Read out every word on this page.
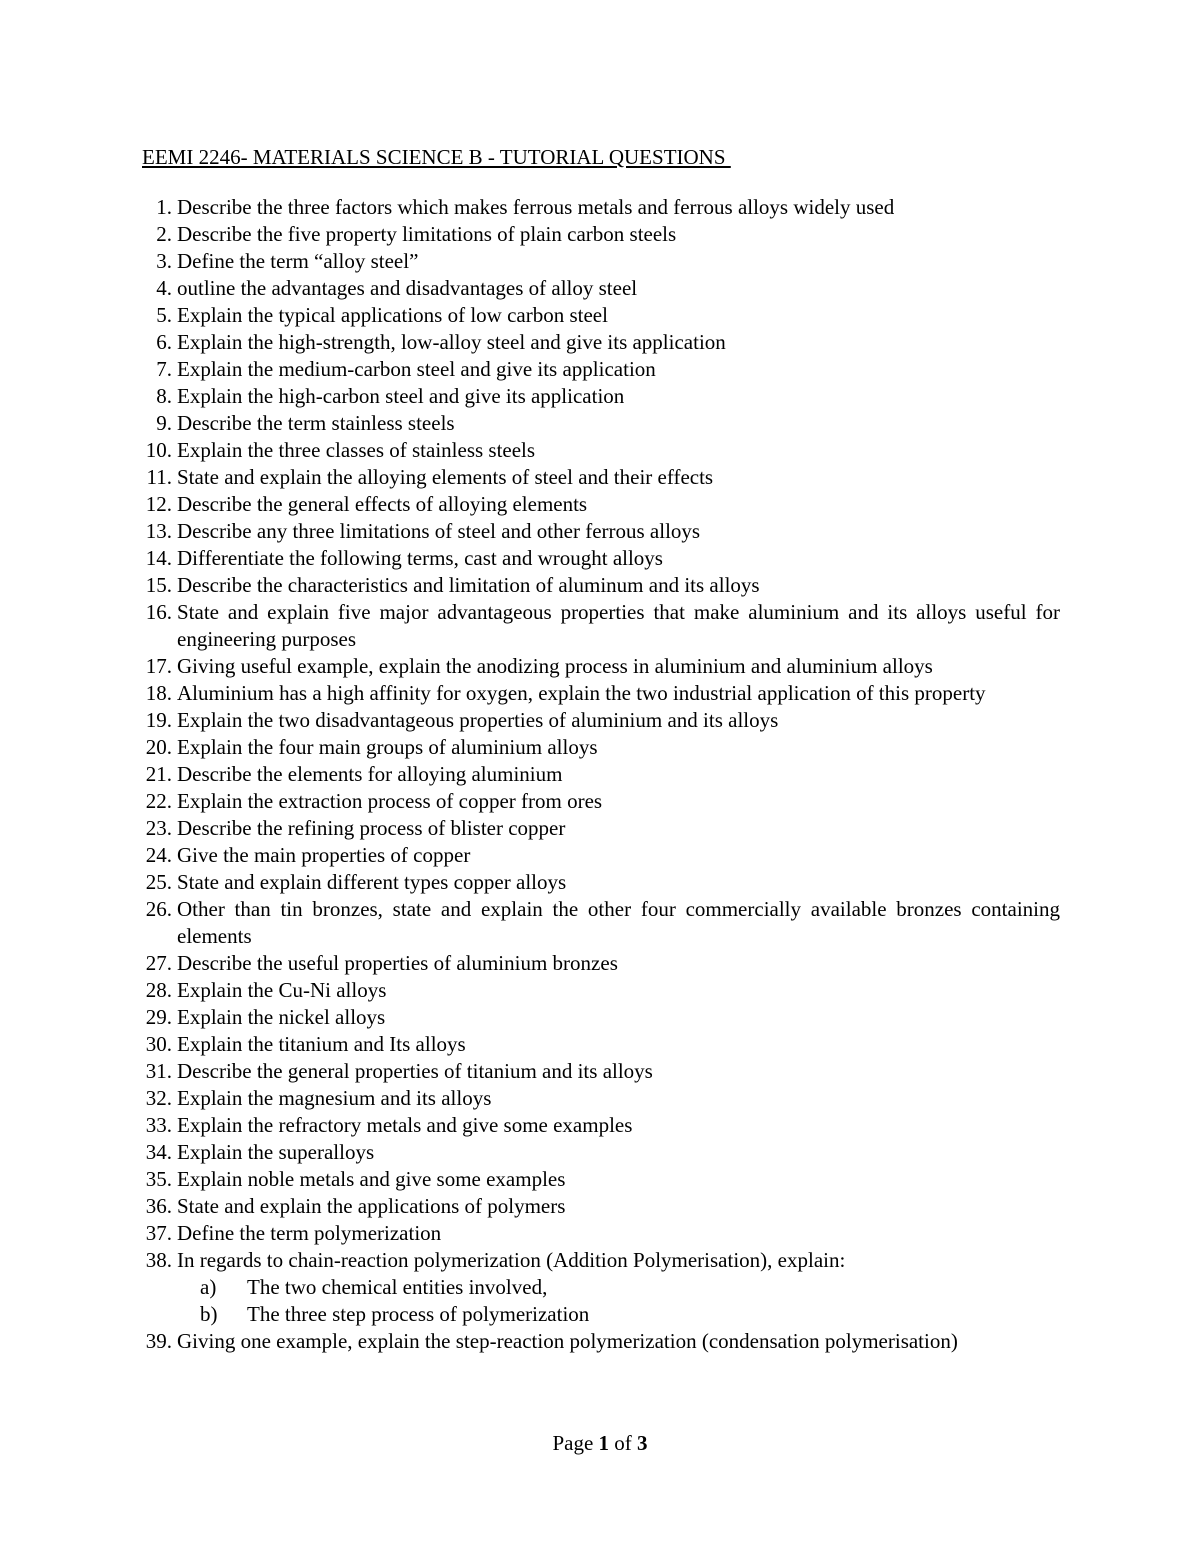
EEMI 2246- MATERIALS SCIENCE B - TUTORIAL QUESTIONS
1. Describe the three factors which makes ferrous metals and ferrous alloys widely used
2. Describe the five property limitations of plain carbon steels
3. Define the term “alloy steel”
4. outline the advantages and disadvantages of alloy steel
5. Explain the typical applications of low carbon steel
6. Explain the high-strength, low-alloy steel and give its application
7. Explain the medium-carbon steel and give its application
8. Explain the high-carbon steel and give its application
9. Describe the term stainless steels
10. Explain the three classes of stainless steels
11. State and explain the alloying elements of steel and their effects
12. Describe the general effects of alloying elements
13. Describe any three limitations of steel and other ferrous alloys
14. Differentiate the following terms, cast and wrought alloys
15. Describe the characteristics and limitation of aluminum and its alloys
16. State and explain five major advantageous properties that make aluminium and its alloys useful for engineering purposes
17. Giving useful example, explain the anodizing process in aluminium and aluminium alloys
18. Aluminium has a high affinity for oxygen, explain the two industrial application of this property
19. Explain the two disadvantageous properties of aluminium and its alloys
20. Explain the four main groups of aluminium alloys
21. Describe the elements for alloying aluminium
22. Explain the extraction process of copper from ores
23. Describe the refining process of blister copper
24. Give the main properties of copper
25. State and explain different types copper alloys
26. Other than tin bronzes, state and explain the other four commercially available bronzes containing elements
27. Describe the useful properties of aluminium bronzes
28. Explain the Cu-Ni alloys
29. Explain the nickel alloys
30. Explain the titanium and Its alloys
31. Describe the general properties of titanium and its alloys
32. Explain the magnesium and its alloys
33. Explain the refractory metals and give some examples
34. Explain the superalloys
35. Explain noble metals and give some examples
36. State and explain the applications of polymers
37. Define the term polymerization
38. In regards to chain-reaction polymerization (Addition Polymerisation), explain:
a)	The two chemical entities involved,
b)	The three step process of polymerization
39. Giving one example, explain the step-reaction polymerization (condensation polymerisation)
Page 1 of 3
